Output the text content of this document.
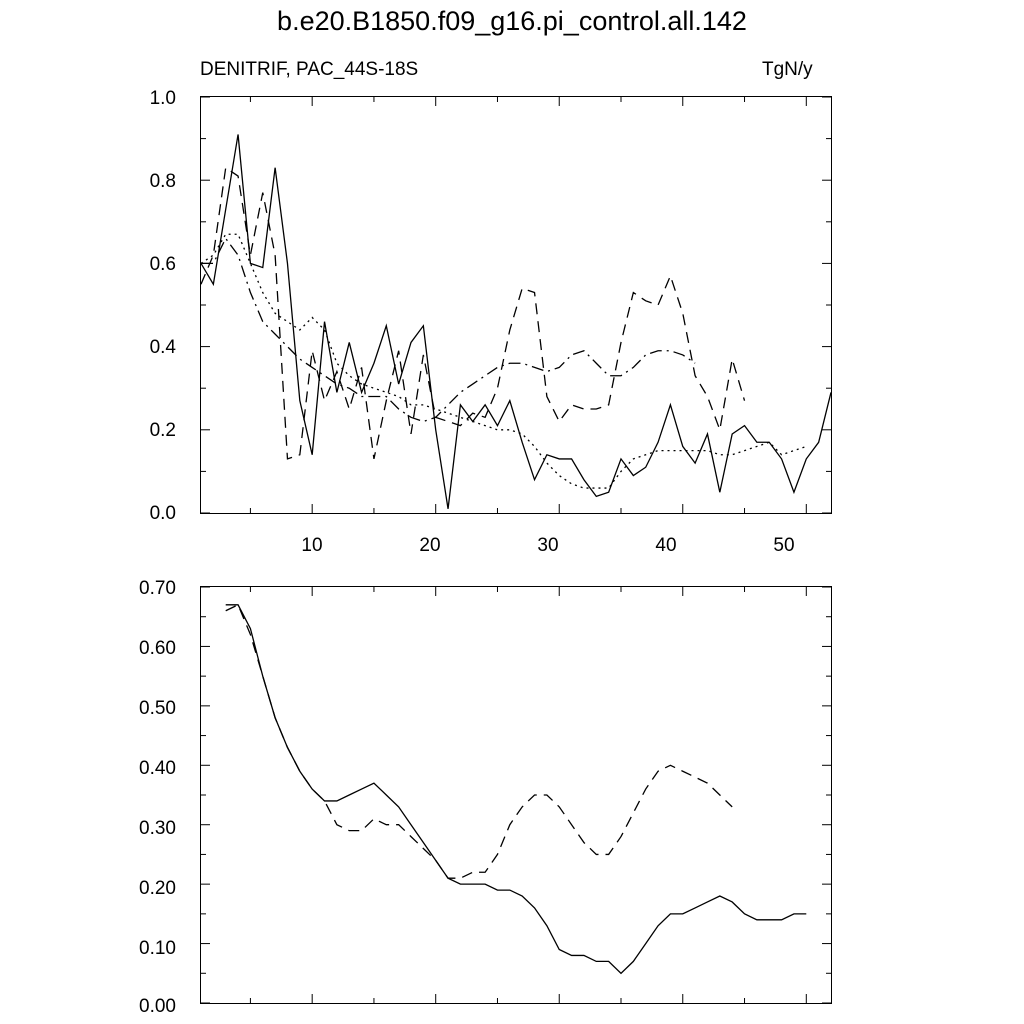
b.e20.B1850.f09_g16.pi_control.all.142
DENITRIF, PAC_44S-18S	TgN/y
1.0
0.8
0.6
0.4
0.2
0.0
10	20	30	40	50
0.70
0.60
0.50
0.40
0.30
0.20
0.10
0.00
